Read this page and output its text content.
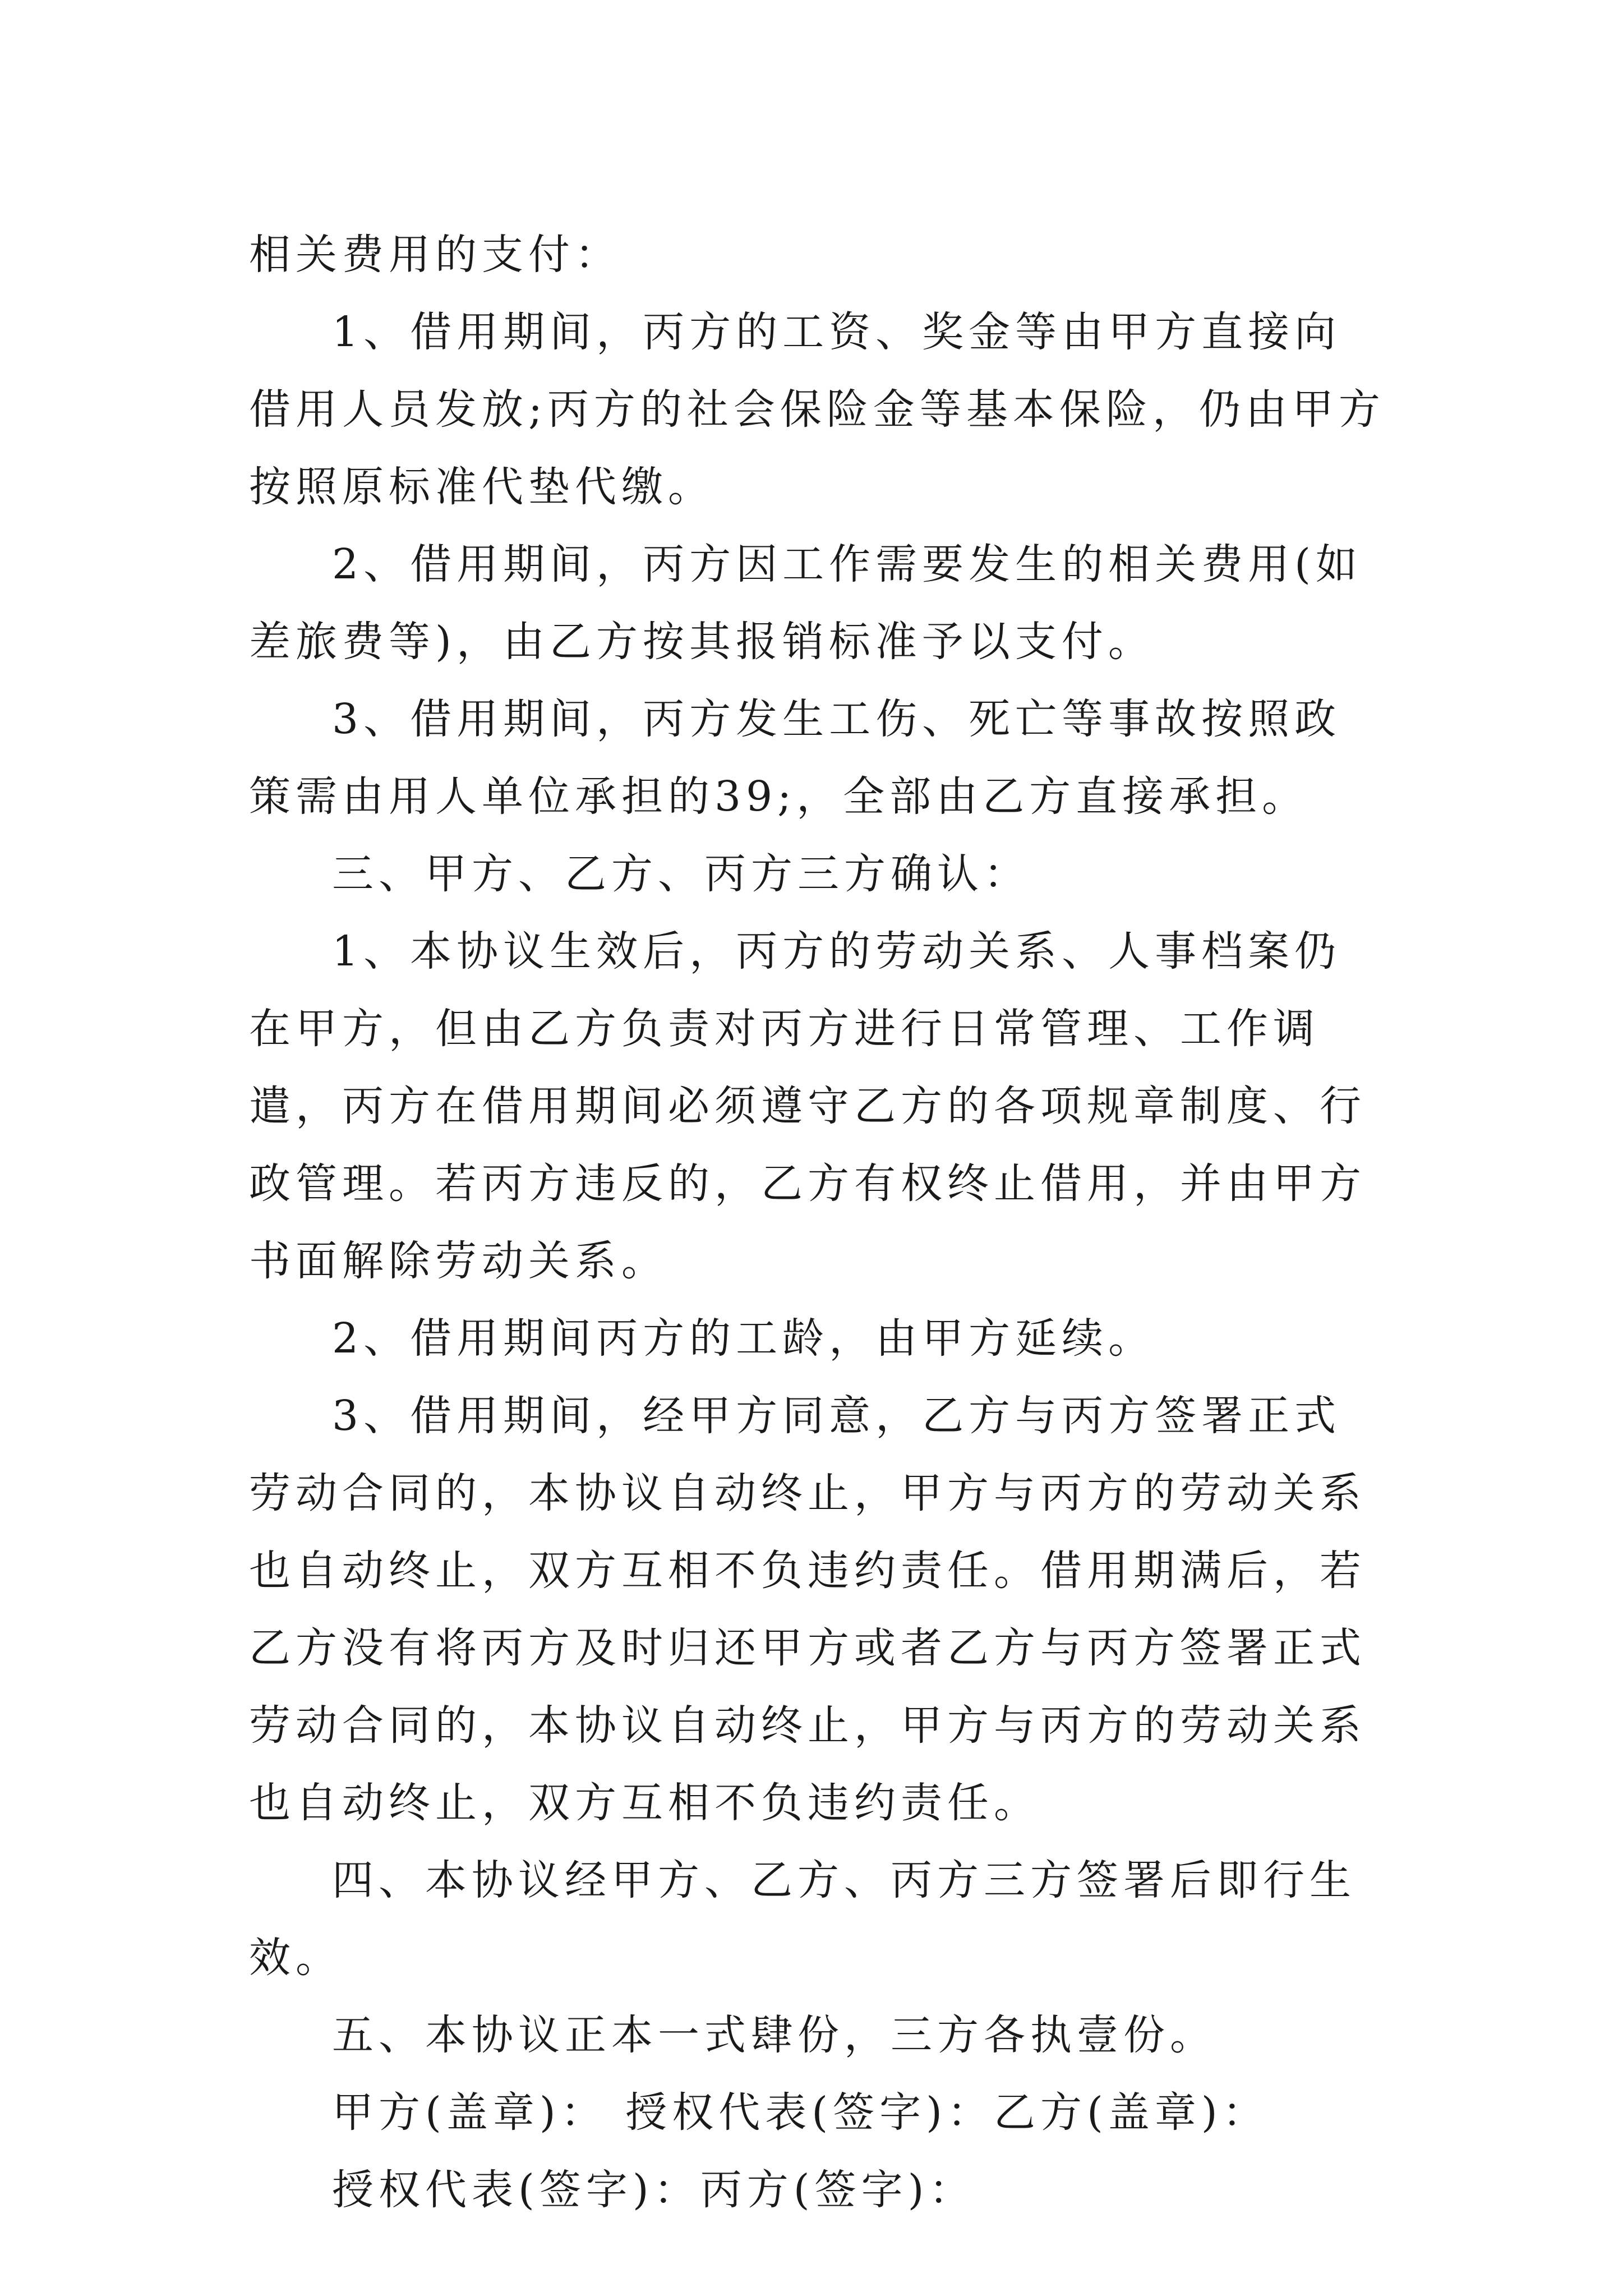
相关费用的支付：

1、借用期间，丙方的工资、奖金等由甲方直接向借用人员发放;丙方的社会保险金等基本保险，仍由甲方按照原标准代垫代缴。

2、借用期间，丙方因工作需要发生的相关费用(如差旅费等)，由乙方按其报销标准予以支付。

3、借用期间，丙方发生工伤、死亡等事故按照政策需由用人单位承担的39;，全部由乙方直接承担。

三、甲方、乙方、丙方三方确认：

1、本协议生效后，丙方的劳动关系、人事档案仍在甲方，但由乙方负责对丙方进行日常管理、工作调遣，丙方在借用期间必须遵守乙方的各项规章制度、行政管理。若丙方违反的，乙方有权终止借用，并由甲方书面解除劳动关系。

2、借用期间丙方的工龄，由甲方延续。

3、借用期间，经甲方同意，乙方与丙方签署正式劳动合同的，本协议自动终止，甲方与丙方的劳动关系也自动终止，双方互相不负违约责任。借用期满后，若乙方没有将丙方及时归还甲方或者乙方与丙方签署正式劳动合同的，本协议自动终止，甲方与丙方的劳动关系也自动终止，双方互相不负违约责任。

四、本协议经甲方、乙方、丙方三方签署后即行生效。

五、本协议正本一式肆份，三方各执壹份。

甲方(盖章)： 授权代表(签字)：乙方(盖章)：

授权代表(签字)：丙方(签字)：
